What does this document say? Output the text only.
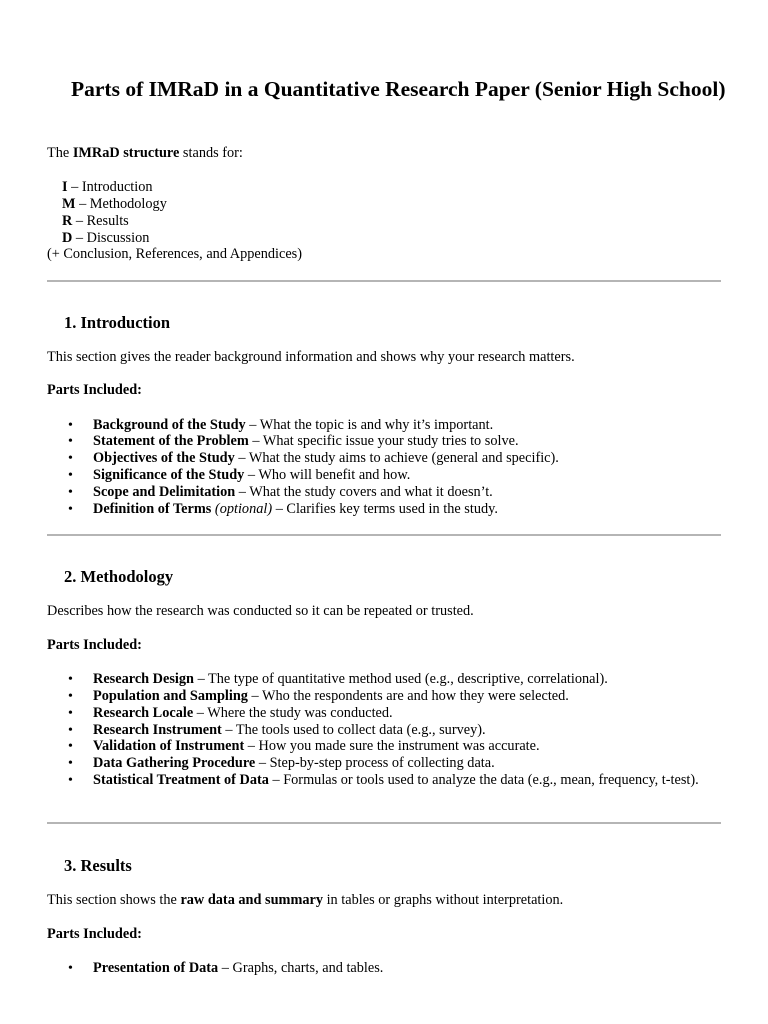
Parts of IMRaD in a Quantitative Research Paper (Senior High School)
The IMRaD structure stands for:
I – Introduction
M – Methodology
R – Results
D – Discussion
(+ Conclusion, References, and Appendices)
1. Introduction
This section gives the reader background information and shows why your research matters.
Parts Included:
• Background of the Study – What the topic is and why it’s important.
• Statement of the Problem – What specific issue your study tries to solve.
• Objectives of the Study – What the study aims to achieve (general and specific).
• Significance of the Study – Who will benefit and how.
• Scope and Delimitation – What the study covers and what it doesn’t.
• Definition of Terms (optional) – Clarifies key terms used in the study.
2. Methodology
Describes how the research was conducted so it can be repeated or trusted.
Parts Included:
• Research Design – The type of quantitative method used (e.g., descriptive, correlational).
• Population and Sampling – Who the respondents are and how they were selected.
• Research Locale – Where the study was conducted.
• Research Instrument – The tools used to collect data (e.g., survey).
• Validation of Instrument – How you made sure the instrument was accurate.
• Data Gathering Procedure – Step-by-step process of collecting data.
• Statistical Treatment of Data – Formulas or tools used to analyze the data (e.g., mean, frequency, t-test).
3. Results
This section shows the raw data and summary in tables or graphs without interpretation.
Parts Included:
• Presentation of Data – Graphs, charts, and tables.
